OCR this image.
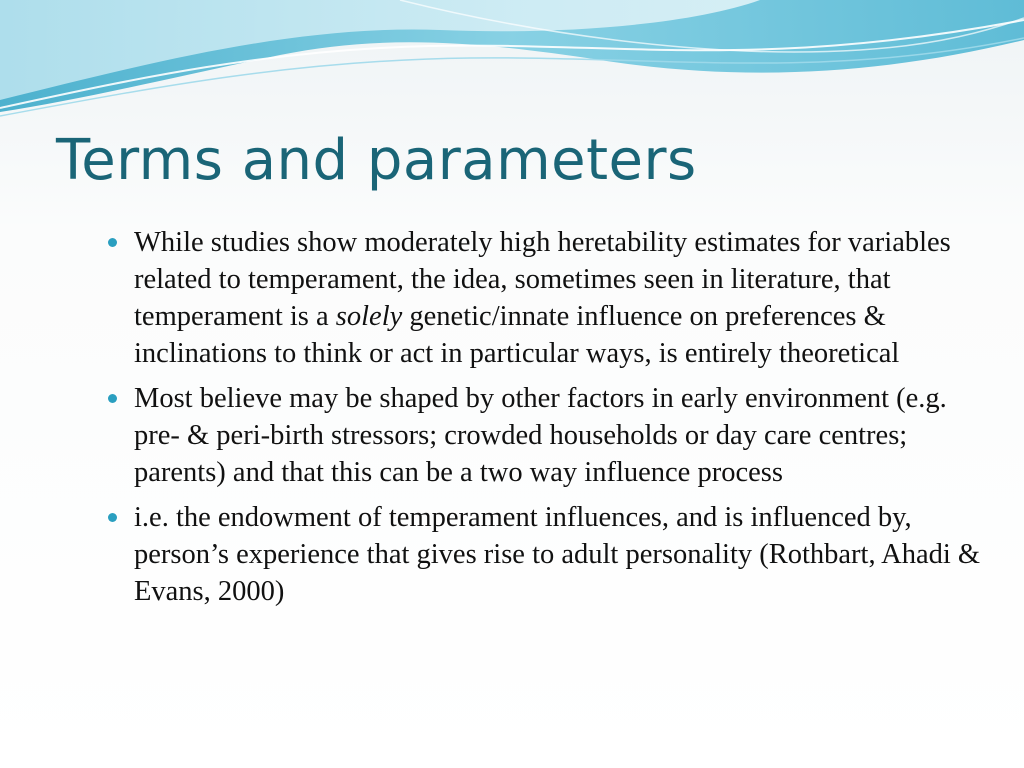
Terms and parameters
While studies show moderately high heretability estimates for variables related to temperament, the idea, sometimes seen in literature, that temperament is a solely genetic/innate influence on preferences & inclinations to think or act in particular ways, is entirely theoretical
Most believe may be shaped by other factors in early environment (e.g. pre- & peri-birth stressors; crowded households or day care centres; parents) and that this can be a two way influence process
i.e. the endowment of temperament influences, and is influenced by, person’s experience that gives rise to adult personality (Rothbart, Ahadi & Evans, 2000)
